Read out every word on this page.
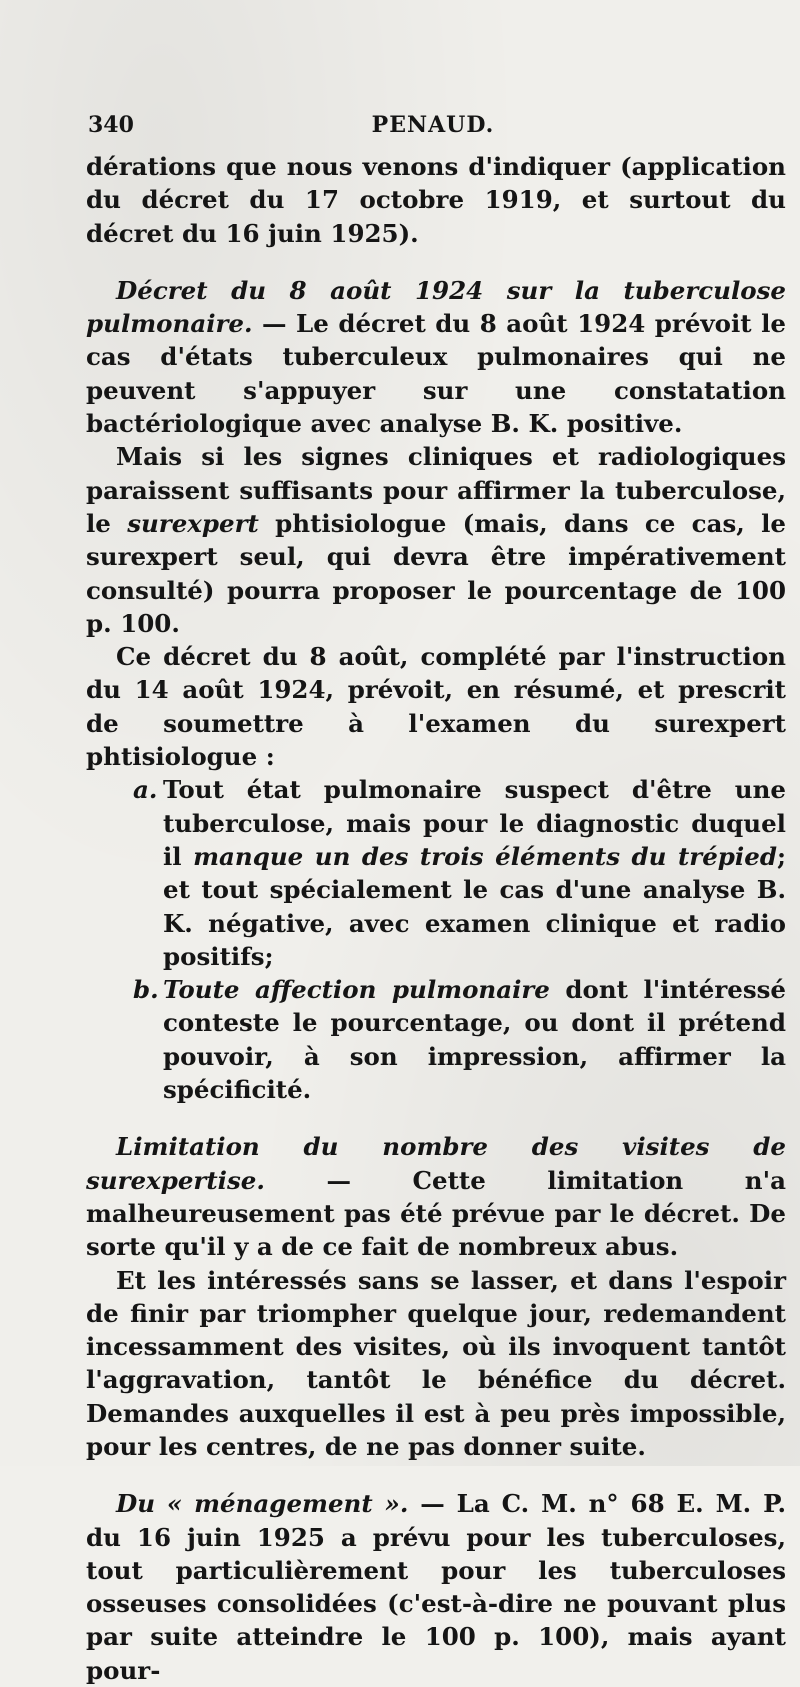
340	PENAUD.

dérations que nous venons d'indiquer (application du décret du 17 octobre 1919, et surtout du décret du 16 juin 1925).

Décret du 8 août 1924 sur la tuberculose pulmonaire. — Le décret du 8 août 1924 prévoit le cas d'états tuberculeux pulmonaires qui ne peuvent s'appuyer sur une constatation bactériologique avec analyse B. K. positive.

Mais si les signes cliniques et radiologiques paraissent suffisants pour affirmer la tuberculose, le surexpert phtisiologue (mais, dans ce cas, le surexpert seul, qui devra être impérativement consulté) pourra proposer le pourcentage de 100 p. 100.

Ce décret du 8 août, complété par l'instruction du 14 août 1924, prévoit, en résumé, et prescrit de soumettre à l'examen du surexpert phtisiologue :

a. Tout état pulmonaire suspect d'être une tuberculose, mais pour le diagnostic duquel il manque un des trois éléments du trépied; et tout spécialement le cas d'une analyse B. K. négative, avec examen clinique et radio positifs;

b. Toute affection pulmonaire dont l'intéressé conteste le pourcentage, ou dont il prétend pouvoir, à son impression, affirmer la spécificité.

Limitation du nombre des visites de surexpertise. — Cette limitation n'a malheureusement pas été prévue par le décret. De sorte qu'il y a de ce fait de nombreux abus.

Et les intéressés sans se lasser, et dans l'espoir de finir par triompher quelque jour, redemandent incessamment des visites, où ils invoquent tantôt l'aggravation, tantôt le bénéfice du décret. Demandes auxquelles il est à peu près impossible, pour les centres, de ne pas donner suite.

Du « ménagement ». — La C. M. n° 68 E. M. P. du 16 juin 1925 a prévu pour les tuberculoses, tout particulièrement pour les tuberculoses osseuses consolidées (c'est-à-dire ne pouvant plus par suite atteindre le 100 p. 100), mais ayant pour-
